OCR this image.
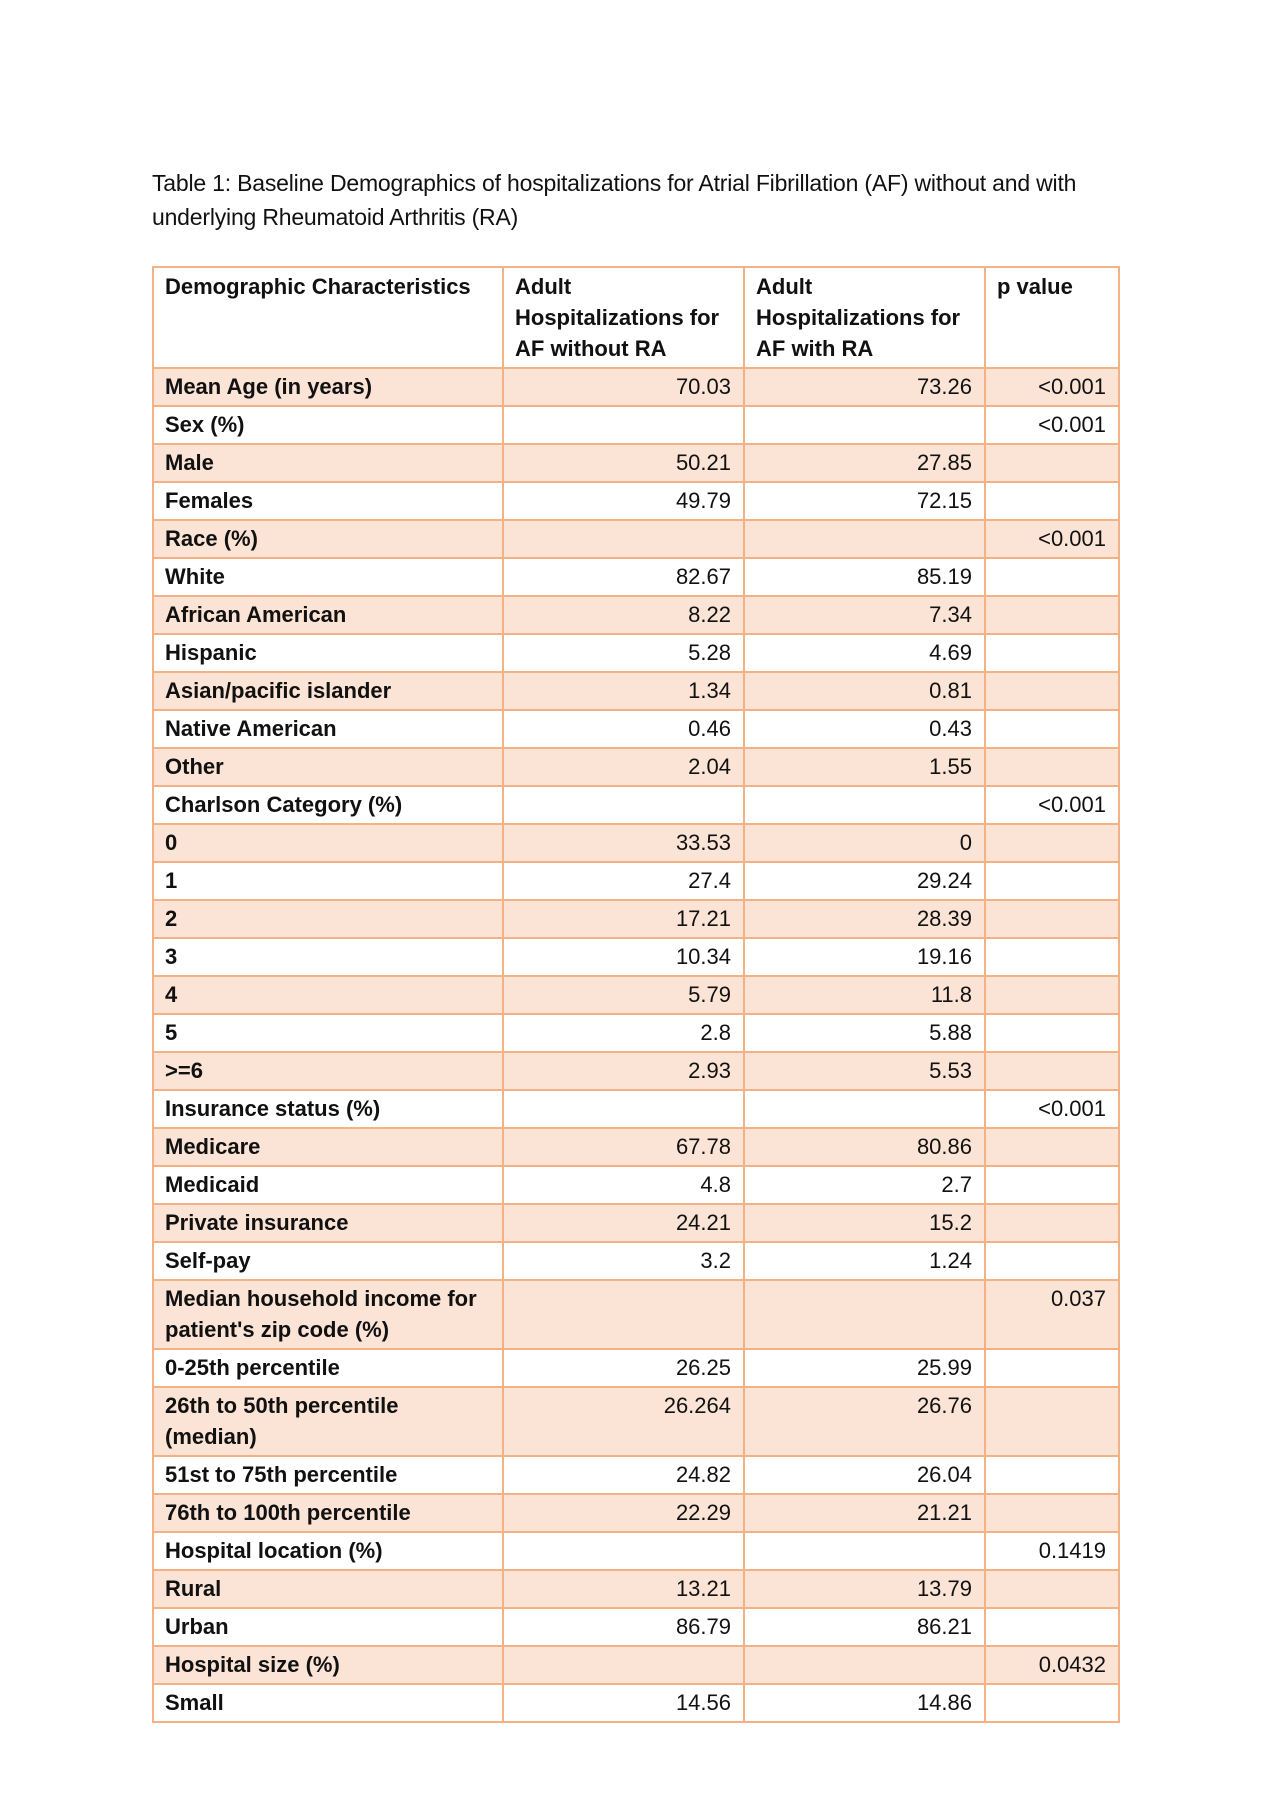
Table 1: Baseline Demographics of hospitalizations for Atrial Fibrillation (AF) without and with underlying Rheumatoid Arthritis (RA)
Demographic Characteristics	Adult Hospitalizations for AF without RA	Adult Hospitalizations for AF with RA	p value
Mean Age (in years)	70.03	73.26	<0.001
Sex (%)			<0.001
Male	50.21	27.85	
Females	49.79	72.15	
Race (%)			<0.001
White	82.67	85.19	
African American	8.22	7.34	
Hispanic	5.28	4.69	
Asian/pacific islander	1.34	0.81	
Native American	0.46	0.43	
Other	2.04	1.55	
Charlson Category (%)			<0.001
0	33.53	0	
1	27.4	29.24	
2	17.21	28.39	
3	10.34	19.16	
4	5.79	11.8	
5	2.8	5.88	
>=6	2.93	5.53	
Insurance status (%)			<0.001
Medicare	67.78	80.86	
Medicaid	4.8	2.7	
Private insurance	24.21	15.2	
Self-pay	3.2	1.24	
Median household income for patient's zip code (%)			0.037
0-25th percentile	26.25	25.99	
26th to 50th percentile (median)	26.264	26.76	
51st to 75th percentile	24.82	26.04	
76th to 100th percentile	22.29	21.21	
Hospital location (%)			0.1419
Rural	13.21	13.79	
Urban	86.79	86.21	
Hospital size (%)			0.0432
Small	14.56	14.86	
